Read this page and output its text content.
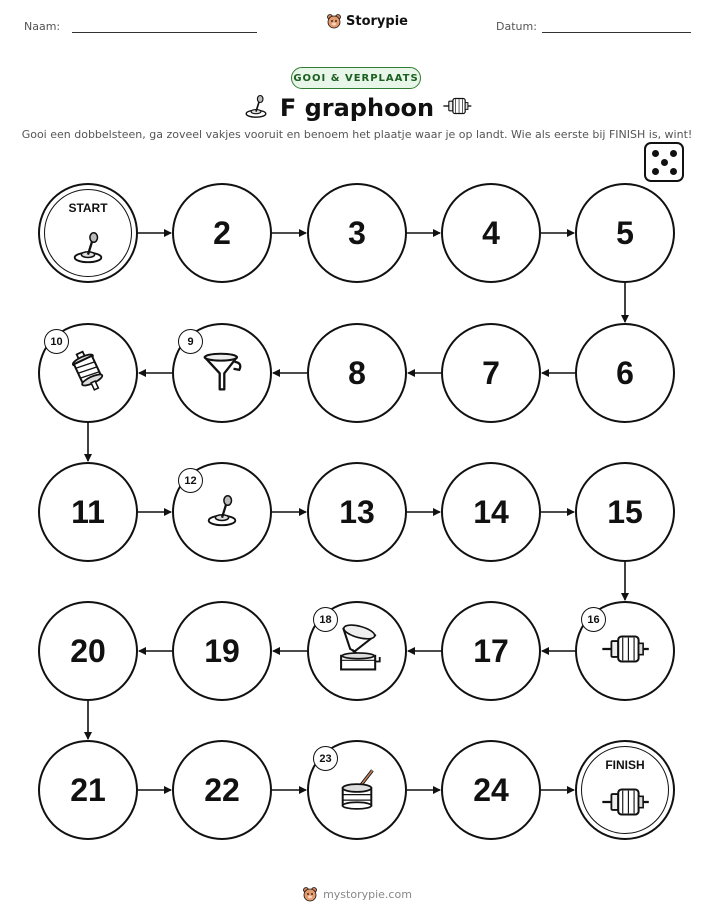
Naam:	Storypie	Datum:
GOOI & VERPLAATS
F graphoon
Gooi een dobbelsteen, ga zoveel vakjes vooruit en benoem het plaatje waar je op landt. Wie als eerste bij FINISH is, wint!
START
2	3	4	5
6
7
8
9
10
11
12
13	14	15
16
17
18
19
20
21	22
23
24
FINISH
mystorypie.com
